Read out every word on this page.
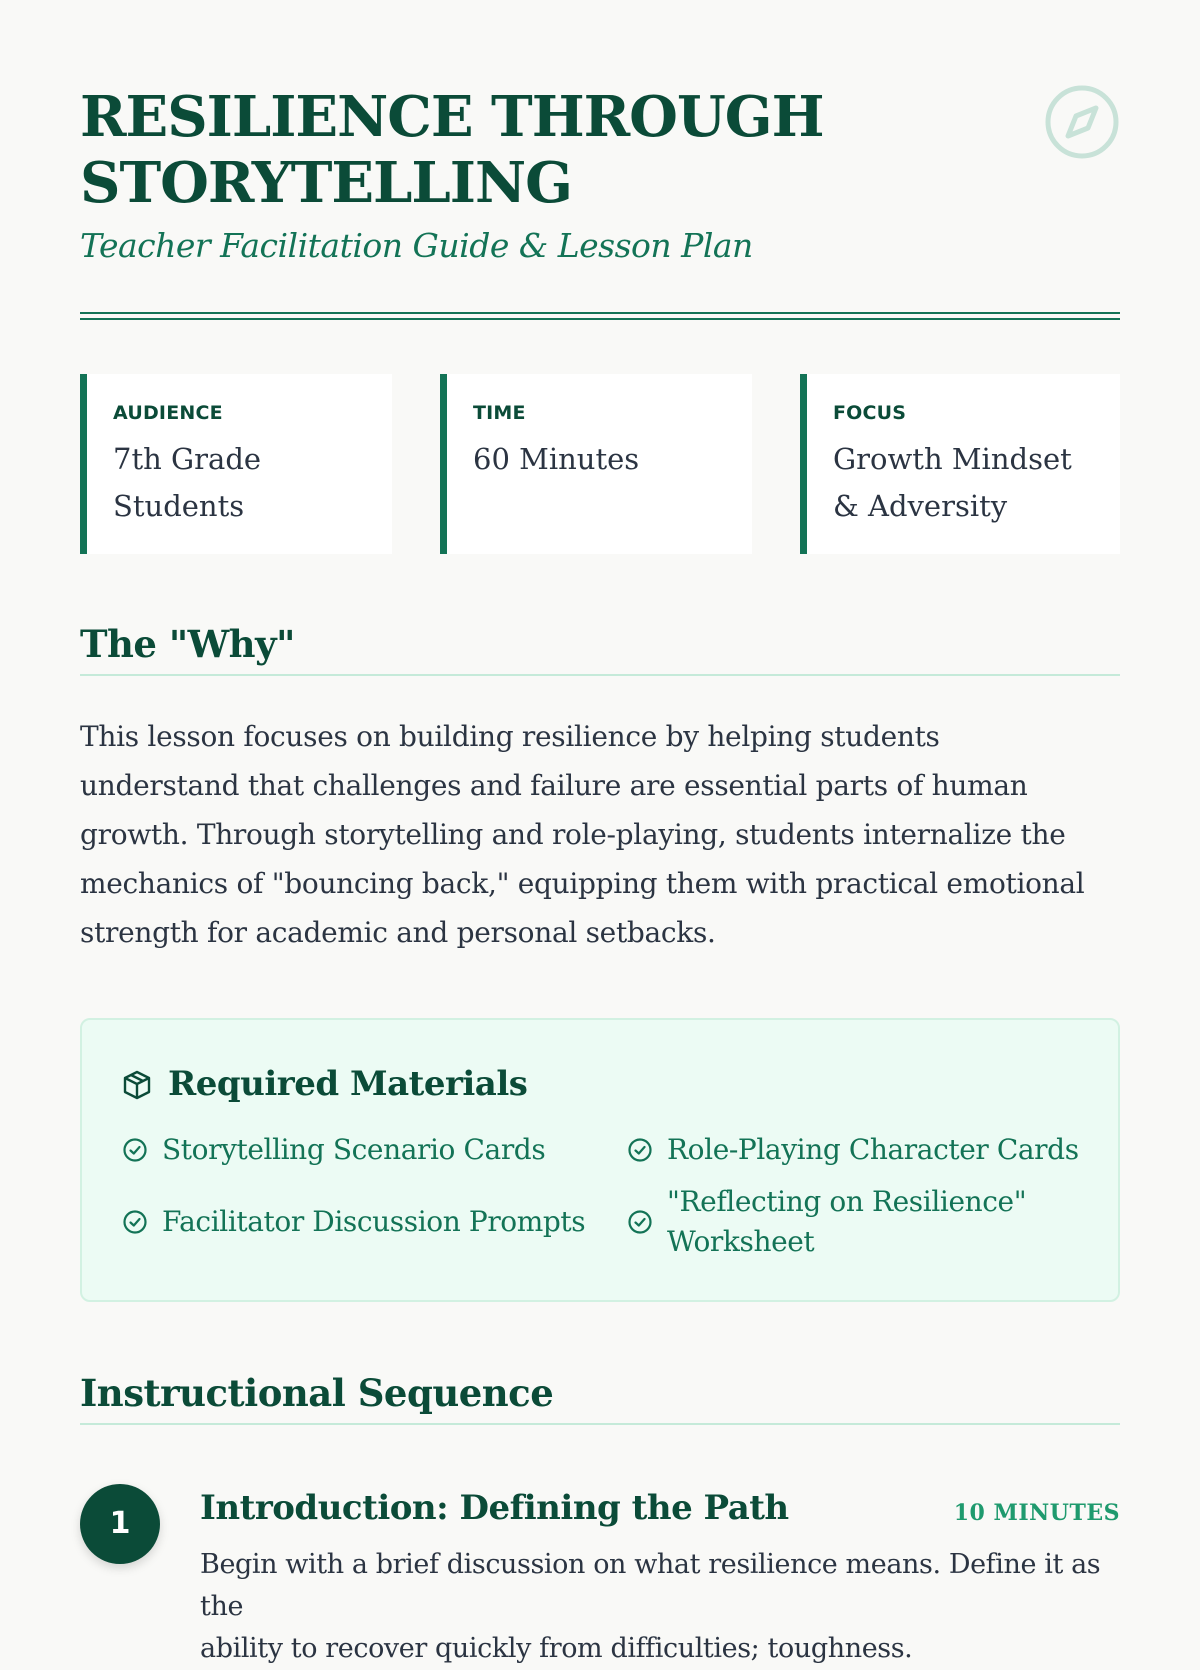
RESILIENCE THROUGH
STORYTELLING
Teacher Facilitation Guide & Lesson Plan
AUDIENCE
7th Grade
Students
TIME
60 Minutes

FOCUS
Growth Mindset
& Adversity
The "Why"
This lesson focuses on building resilience by helping students
understand that challenges and failure are essential parts of human
growth. Through storytelling and role-playing, students internalize the
mechanics of "bouncing back," equipping them with practical emotional
strength for academic and personal setbacks.
Required Materials
Storytelling Scenario Cards	Role-Playing Character Cards
Facilitator Discussion Prompts
"Reflecting on Resilience"
Worksheet
Instructional Sequence
1	Introduction: Defining the Path	10 MINUTES
Begin with a brief discussion on what resilience means. Define it as the
ability to recover quickly from difficulties; toughness.
